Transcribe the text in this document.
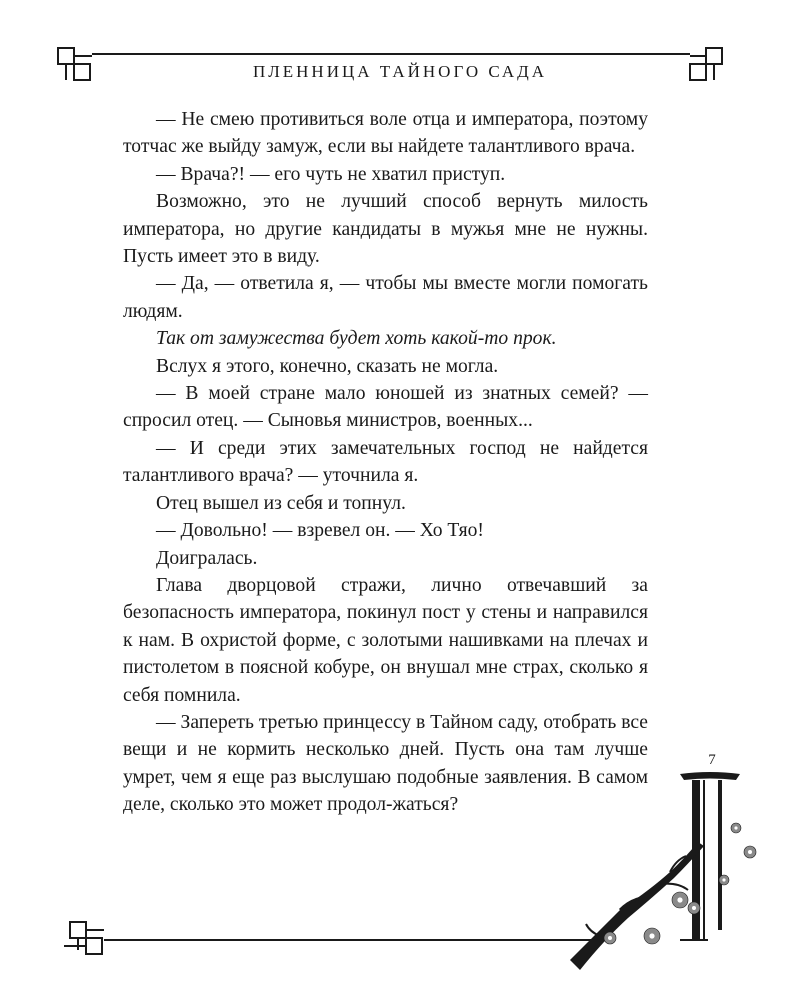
ПЛЕННИЦА ТАЙНОГО САДА

— Не смею противиться воле отца и императора, поэтому тотчас же выйду замуж, если вы найдете талантливого врача.

— Врача?! — его чуть не хватил приступ.

Возможно, это не лучший способ вернуть милость императора, но другие кандидаты в мужья мне не нужны. Пусть имеет это в виду.

— Да, — ответила я, — чтобы мы вместе могли помогать людям.

Так от замужества будет хоть какой-то прок.

Вслух я этого, конечно, сказать не могла.

— В моей стране мало юношей из знатных семей? — спросил отец. — Сыновья министров, военных...

— И среди этих замечательных господ не найдется талантливого врача? — уточнила я.

Отец вышел из себя и топнул.

— Довольно! — взревел он. — Хо Тяо!

Доигралась.

Глава дворцовой стражи, лично отвечавший за безопасность императора, покинул пост у стены и направился к нам. В охристой форме, с золотыми нашивками на плечах и пистолетом в поясной кобуре, он внушал мне страх, сколько я себя помнила.

— Запереть третью принцессу в Тайном саду, отобрать все вещи и не кормить несколько дней. Пусть она там лучше умрет, чем я еще раз выслушаю подобные заявления. В самом деле, сколько это может продол-жаться?

7
